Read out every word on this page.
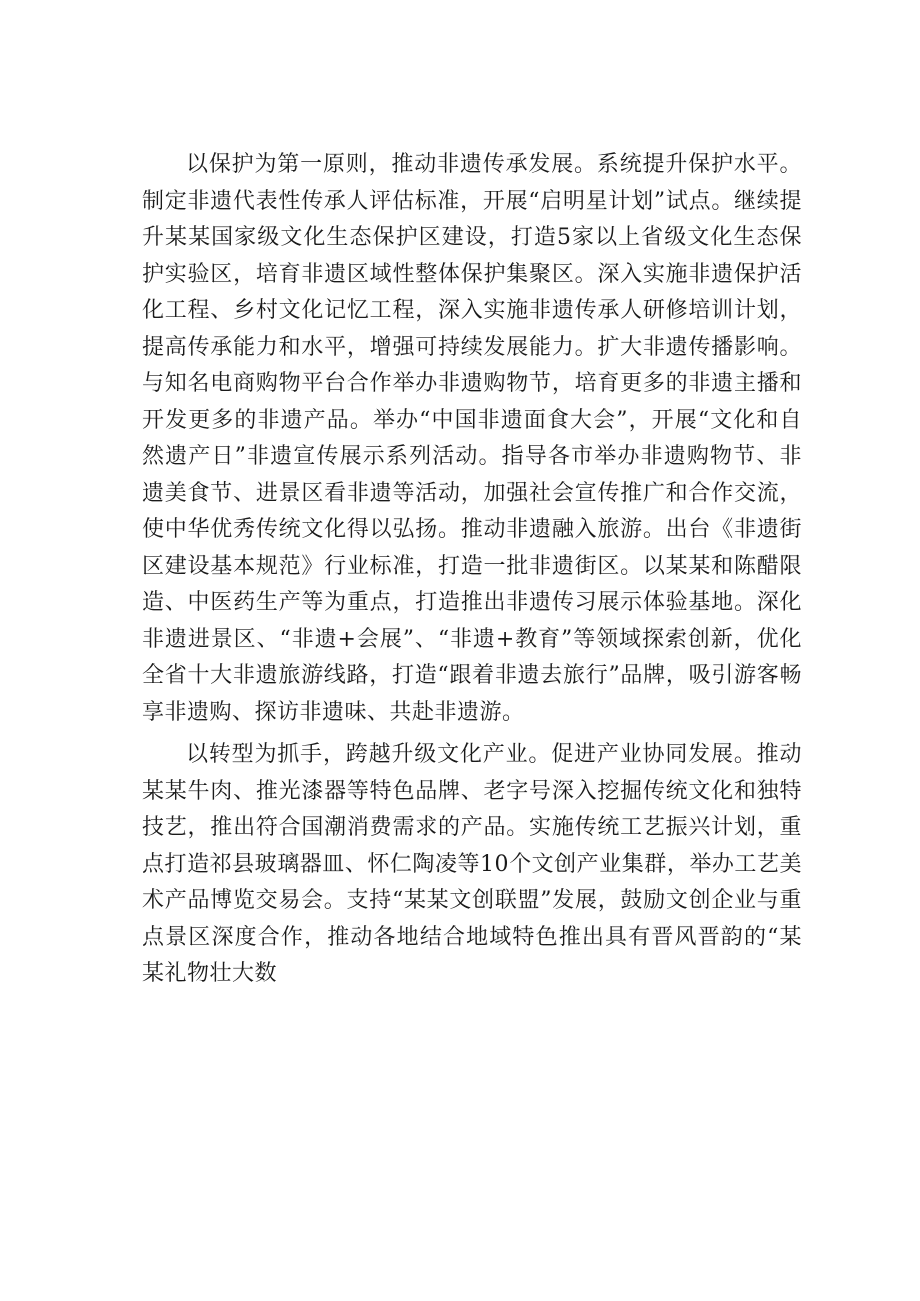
以保护为第一原则，推动非遗传承发展。系统提升保护水平。制定非遗代表性传承人评估标准，开展“启明星计划”试点。继续提升某某国家级文化生态保护区建设，打造5家以上省级文化生态保护实验区，培育非遗区域性整体保护集聚区。深入实施非遗保护活化工程、乡村文化记忆工程，深入实施非遗传承人研修培训计划，提高传承能力和水平，增强可持续发展能力。扩大非遗传播影响。与知名电商购物平台合作举办非遗购物节，培育更多的非遗主播和开发更多的非遗产品。举办“中国非遗面食大会”，开展“文化和自然遗产日”非遗宣传展示系列活动。指导各市举办非遗购物节、非遗美食节、进景区看非遗等活动，加强社会宣传推广和合作交流，使中华优秀传统文化得以弘扬。推动非遗融入旅游。出台《非遗街区建设基本规范》行业标准，打造一批非遗街区。以某某和陈醋限造、中医药生产等为重点，打造推出非遗传习展示体验基地。深化非遗进景区、“非遗+会展”、“非遗+教育”等领域探索创新，优化全省十大非遗旅游线路，打造“跟着非遗去旅行”品牌，吸引游客畅享非遗购、探访非遗味、共赴非遗游。

以转型为抓手，跨越升级文化产业。促进产业协同发展。推动某某牛肉、推光漆器等特色品牌、老字号深入挖掘传统文化和独特技艺，推出符合国潮消费需求的产品。实施传统工艺振兴计划，重点打造祁县玻璃器皿、怀仁陶凌等10个文创产业集群，举办工艺美术产品博览交易会。支持“某某文创联盟”发展，鼓励文创企业与重点景区深度合作，推动各地结合地域特色推出具有晋风晋韵的“某某礼物壮大数
